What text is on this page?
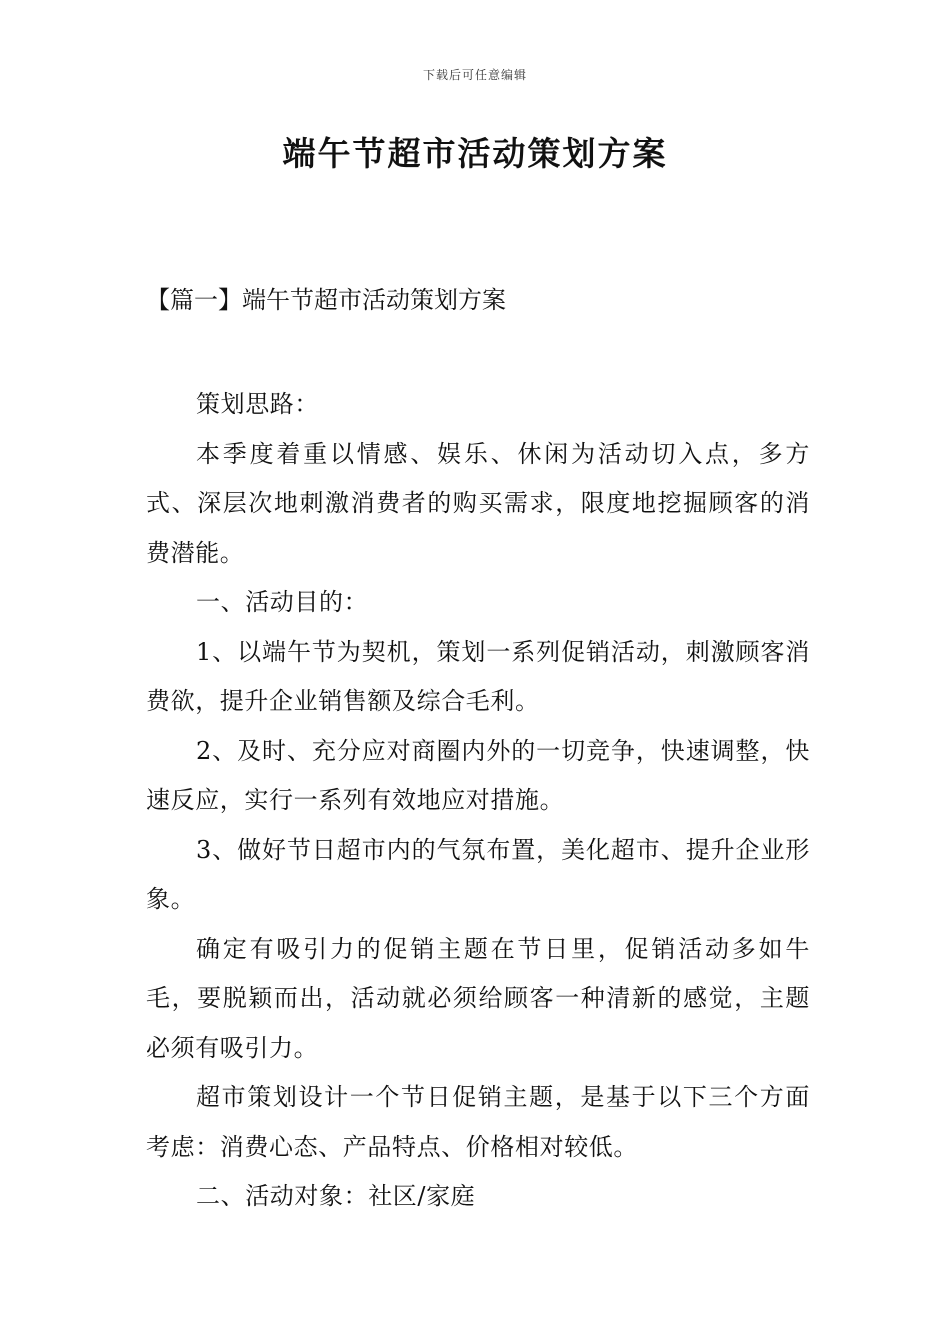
下载后可任意编辑
端午节超市活动策划方案
【篇一】端午节超市活动策划方案

策划思路：

本季度着重以情感、娱乐、休闲为活动切入点，多方式、深层次地刺激消费者的购买需求，限度地挖掘顾客的消费潜能。

一、活动目的：

1、以端午节为契机，策划一系列促销活动，刺激顾客消费欲，提升企业销售额及综合毛利。

2、及时、充分应对商圈内外的一切竞争，快速调整，快速反应，实行一系列有效地应对措施。

3、做好节日超市内的气氛布置，美化超市、提升企业形象。

确定有吸引力的促销主题在节日里，促销活动多如牛毛，要脱颖而出，活动就必须给顾客一种清新的感觉，主题必须有吸引力。

超市策划设计一个节日促销主题，是基于以下三个方面考虑：消费心态、产品特点、价格相对较低。

二、活动对象：社区/家庭
